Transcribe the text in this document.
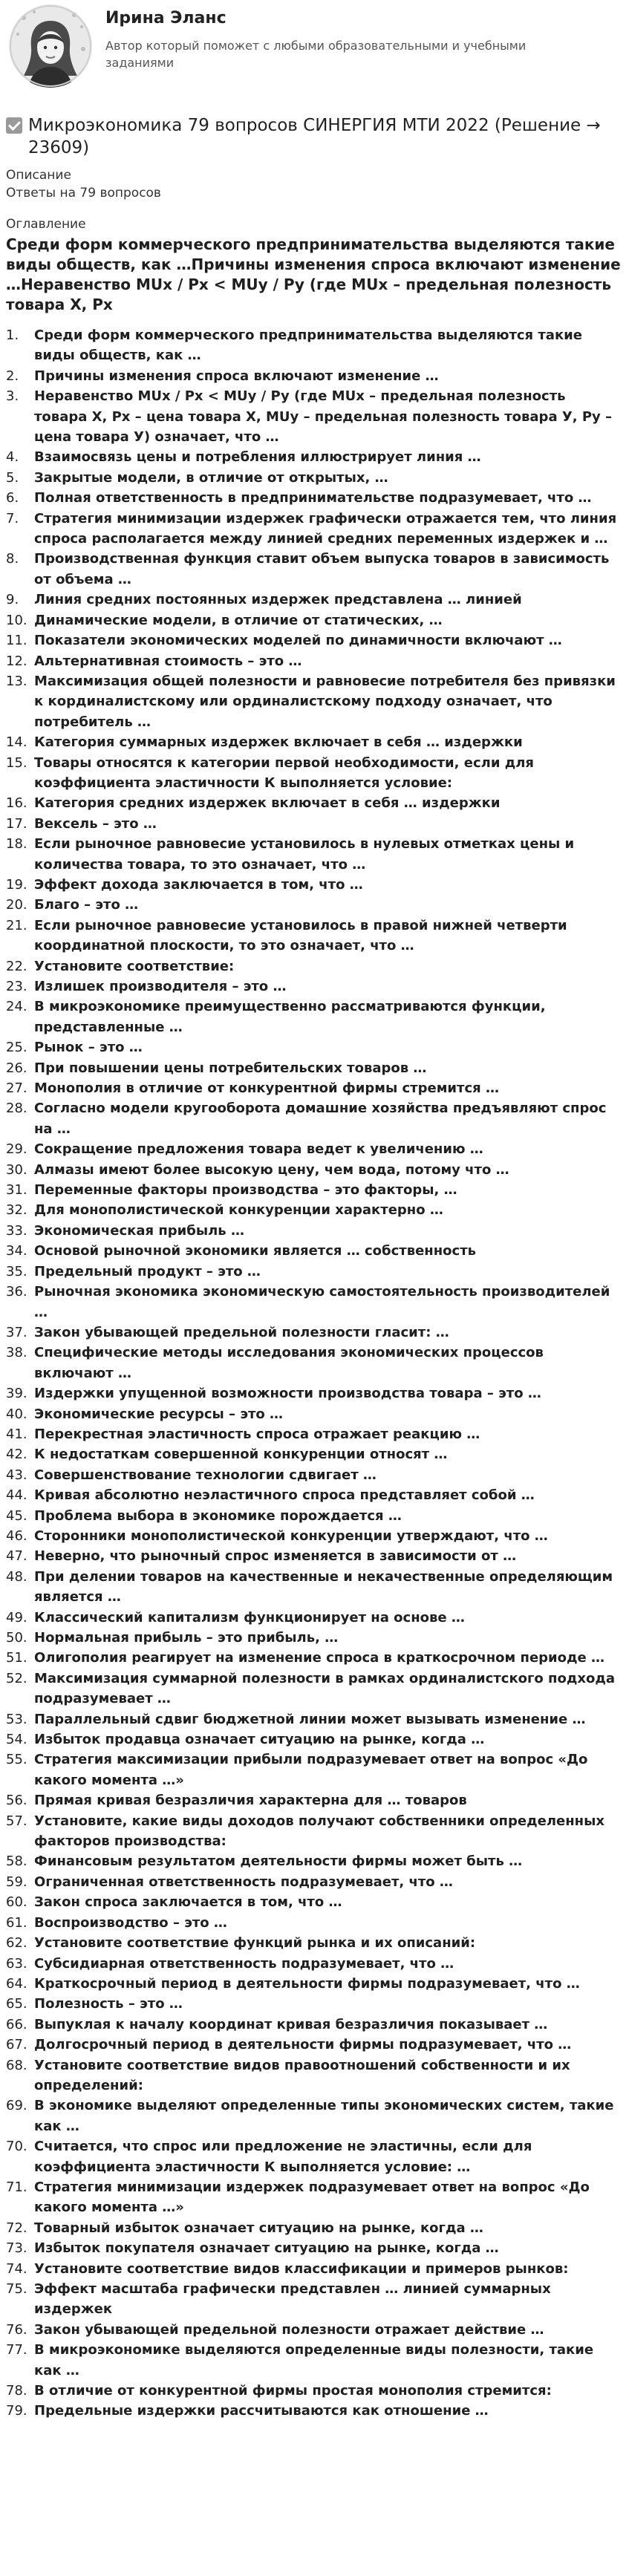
Ирина Эланс
Автор который поможет с любыми образовательными и учебными заданиями
Микроэкономика 79 вопросов СИНЕРГИЯ МТИ 2022 (Решение → 23609)
Описание
Ответы на 79 вопросов
Оглавление
Среди форм коммерческого предпринимательства выделяются такие виды обществ, как …Причины изменения спроса включают изменение …Неравенство MUx / Px < MUy / Py (где MUx – предельная полезность товара X, Px
1.	Среди форм коммерческого предпринимательства выделяются такие виды обществ, как …
2.	Причины изменения спроса включают изменение …
3.	Неравенство MUx / Px < MUy / Py (где MUx – предельная полезность товара X, Px – цена товара X, MUy – предельная полезность товара У, Ру – цена товара У) означает, что …
4.	Взаимосвязь цены и потребления иллюстрирует линия …
5.	Закрытые модели, в отличие от открытых, …
6.	Полная ответственность в предпринимательстве подразумевает, что …
7.	Стратегия минимизации издержек графически отражается тем, что линия спроса располагается между линией средних переменных издержек и …
8.	Производственная функция ставит объем выпуска товаров в зависимость от объема …
9.	Линия средних постоянных издержек представлена … линией
10. Динамические модели, в отличие от статических, …
11. Показатели экономических моделей по динамичности включают …
12. Альтернативная стоимость – это …
13. Максимизация общей полезности и равновесие потребителя без привязки к кординалистскому или ординалистскому подходу означает, что потребитель …
14. Категория суммарных издержек включает в себя … издержки
15. Товары относятся к категории первой необходимости, если для коэффициента эластичности К выполняется условие:
16. Категория средних издержек включает в себя … издержки
17. Вексель – это …
18. Если рыночное равновесие установилось в нулевых отметках цены и количества товара, то это означает, что …
19. Эффект дохода заключается в том, что …
20. Благо – это …
21. Если рыночное равновесие установилось в правой нижней четверти координатной плоскости, то это означает, что …
22. Установите соответствие:
23. Излишек производителя – это …
24. В микроэкономике преимущественно рассматриваются функции, представленные …
25. Рынок – это …
26. При повышении цены потребительских товаров …
27. Монополия в отличие от конкурентной фирмы стремится …
28. Согласно модели кругооборота домашние хозяйства предъявляют спрос на …
29. Сокращение предложения товара ведет к увеличению …
30. Алмазы имеют более высокую цену, чем вода, потому что …
31. Переменные факторы производства – это факторы, …
32. Для монополистической конкуренции характерно …
33. Экономическая прибыль …
34. Основой рыночной экономики является … собственность
35. Предельный продукт – это …
36. Рыночная экономика экономическую самостоятельность производителей …
37. Закон убывающей предельной полезности гласит: …
38. Специфические методы исследования экономических процессов включают …
39. Издержки упущенной возможности производства товара – это …
40. Экономические ресурсы – это …
41. Перекрестная эластичность спроса отражает реакцию …
42. К недостаткам совершенной конкуренции относят …
43. Совершенствование технологии сдвигает …
44. Кривая абсолютно неэластичного спроса представляет собой …
45. Проблема выбора в экономике порождается …
46. Сторонники монополистической конкуренции утверждают, что …
47. Неверно, что рыночный спрос изменяется в зависимости от …
48. При делении товаров на качественные и некачественные определяющим является …
49. Классический капитализм функционирует на основе …
50. Нормальная прибыль – это прибыль, …
51. Олигополия реагирует на изменение спроса в краткосрочном периоде …
52. Максимизация суммарной полезности в рамках ординалистского подхода подразумевает …
53. Параллельный сдвиг бюджетной линии может вызывать изменение …
54. Избыток продавца означает ситуацию на рынке, когда …
55. Стратегия максимизации прибыли подразумевает ответ на вопрос «До какого момента …»
56. Прямая кривая безразличия характерна для … товаров
57. Установите, какие виды доходов получают собственники определенных факторов производства:
58. Финансовым результатом деятельности фирмы может быть …
59. Ограниченная ответственность подразумевает, что …
60. Закон спроса заключается в том, что …
61. Воспроизводство – это …
62. Установите соответствие функций рынка и их описаний:
63. Субсидиарная ответственность подразумевает, что …
64. Краткосрочный период в деятельности фирмы подразумевает, что …
65. Полезность – это …
66. Выпуклая к началу координат кривая безразличия показывает …
67. Долгосрочный период в деятельности фирмы подразумевает, что …
68. Установите соответствие видов правоотношений собственности и их определений:
69. В экономике выделяют определенные типы экономических систем, такие как …
70. Считается, что спрос или предложение не эластичны, если для коэффициента эластичности К выполняется условие: …
71. Стратегия минимизации издержек подразумевает ответ на вопрос «До какого момента …»
72. Товарный избыток означает ситуацию на рынке, когда …
73. Избыток покупателя означает ситуацию на рынке, когда …
74. Установите соответствие видов классификации и примеров рынков:
75. Эффект масштаба графически представлен … линией суммарных издержек
76. Закон убывающей предельной полезности отражает действие …
77. В микроэкономике выделяются определенные виды полезности, такие как …
78. В отличие от конкурентной фирмы простая монополия стремится:
79. Предельные издержки рассчитываются как отношение …
